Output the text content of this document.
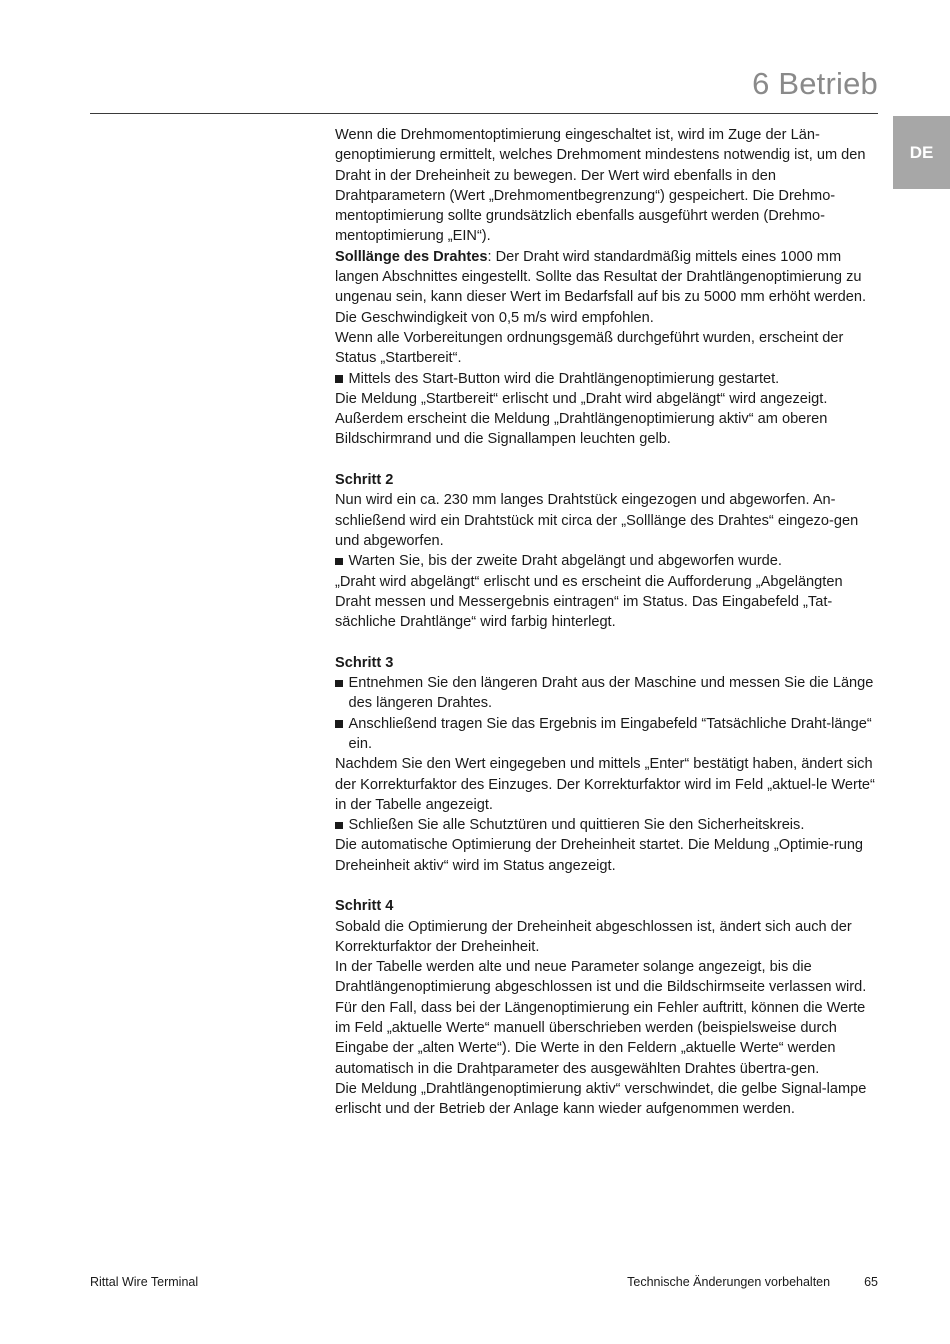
6 Betrieb
DE

Wenn die Drehmomentoptimierung eingeschaltet ist, wird im Zuge der Län-genoptimierung ermittelt, welches Drehmoment mindestens notwendig ist, um den Draht in der Dreheinheit zu bewegen. Der Wert wird ebenfalls in den Drahtparametern (Wert „Drehmomentbegrenzung“) gespeichert. Die Drehmo-mentoptimierung sollte grundsätzlich ebenfalls ausgeführt werden (Drehmo-mentoptimierung „EIN“).

Solllänge des Drahtes: Der Draht wird standardmäßig mittels eines 1000 mm langen Abschnittes eingestellt. Sollte das Resultat der Drahtlängenoptimierung zu ungenau sein, kann dieser Wert im Bedarfsfall auf bis zu 5000 mm erhöht werden.

Die Geschwindigkeit von 0,5 m/s wird empfohlen.

Wenn alle Vorbereitungen ordnungsgemäß durchgeführt wurden, erscheint der Status „Startbereit“.

Mittels des Start-Button wird die Drahtlängenoptimierung gestartet.

Die Meldung „Startbereit“ erlischt und „Draht wird abgelängt“ wird angezeigt. Außerdem erscheint die Meldung „Drahtlängenoptimierung aktiv“ am oberen Bildschirmrand und die Signallampen leuchten gelb.

Schritt 2

Nun wird ein ca. 230 mm langes Drahtstück eingezogen und abgeworfen. An-schließend wird ein Drahtstück mit circa der „Solllänge des Drahtes“ eingezo-gen und abgeworfen.

Warten Sie, bis der zweite Draht abgelängt und abgeworfen wurde.

„Draht wird abgelängt“ erlischt und es erscheint die Aufforderung „Abgelängten Draht messen und Messergebnis eintragen“ im Status. Das Eingabefeld „Tat-sächliche Drahtlänge“ wird farbig hinterlegt.

Schritt 3

Entnehmen Sie den längeren Draht aus der Maschine und messen Sie die Länge des längeren Drahtes.

Anschließend tragen Sie das Ergebnis im Eingabefeld “Tatsächliche Draht-länge“ ein.

Nachdem Sie den Wert eingegeben und mittels „Enter“ bestätigt haben, ändert sich der Korrekturfaktor des Einzuges. Der Korrekturfaktor wird im Feld „aktuel-le Werte“ in der Tabelle angezeigt.

Schließen Sie alle Schutztüren und quittieren Sie den Sicherheitskreis.

Die automatische Optimierung der Dreheinheit startet. Die Meldung „Optimie-rung Dreheinheit aktiv“ wird im Status angezeigt.

Schritt 4

Sobald die Optimierung der Dreheinheit abgeschlossen ist, ändert sich auch der Korrekturfaktor der Dreheinheit.

In der Tabelle werden alte und neue Parameter solange angezeigt, bis die Drahtlängenoptimierung abgeschlossen ist und die Bildschirmseite verlassen wird.

Für den Fall, dass bei der Längenoptimierung ein Fehler auftritt, können die Werte im Feld „aktuelle Werte“ manuell überschrieben werden (beispielsweise durch Eingabe der „alten Werte“). Die Werte in den Feldern „aktuelle Werte“ werden automatisch in die Drahtparameter des ausgewählten Drahtes übertra-gen.

Die Meldung „Drahtlängenoptimierung aktiv“ verschwindet, die gelbe Signal-lampe erlischt und der Betrieb der Anlage kann wieder aufgenommen werden.

Rittal Wire Terminal	Technische Änderungen vorbehalten	65
